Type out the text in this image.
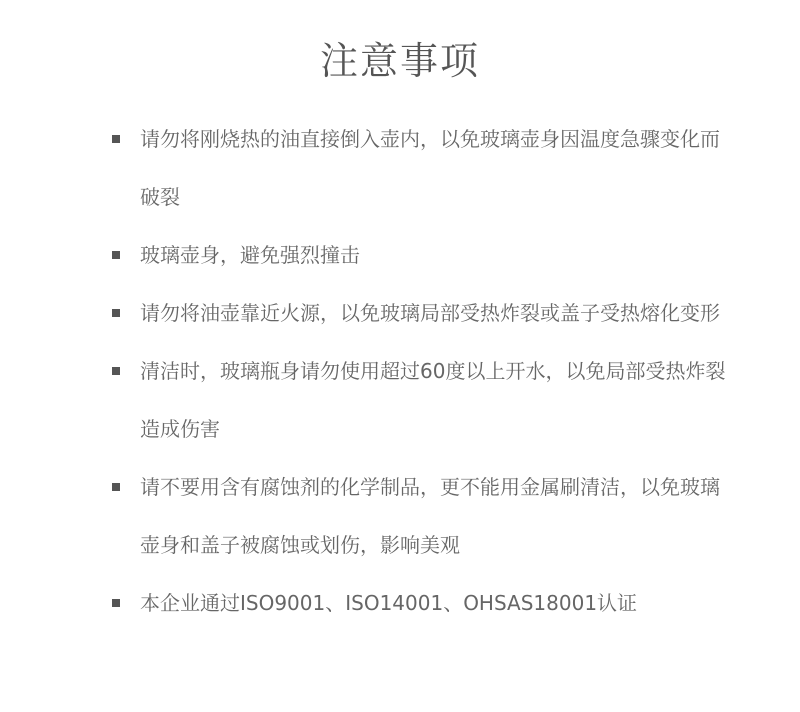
注意事项
请勿将刚烧热的油直接倒入壶内，以免玻璃壶身因温度急骤变化而破裂
玻璃壶身，避免强烈撞击
请勿将油壶靠近火源，以免玻璃局部受热炸裂或盖子受热熔化变形
清洁时，玻璃瓶身请勿使用超过60度以上开水，以免局部受热炸裂造成伤害
请不要用含有腐蚀剂的化学制品，更不能用金属刷清洁，以免玻璃壶身和盖子被腐蚀或划伤，影响美观
本企业通过ISO9001、ISO14001、OHSAS18001认证
